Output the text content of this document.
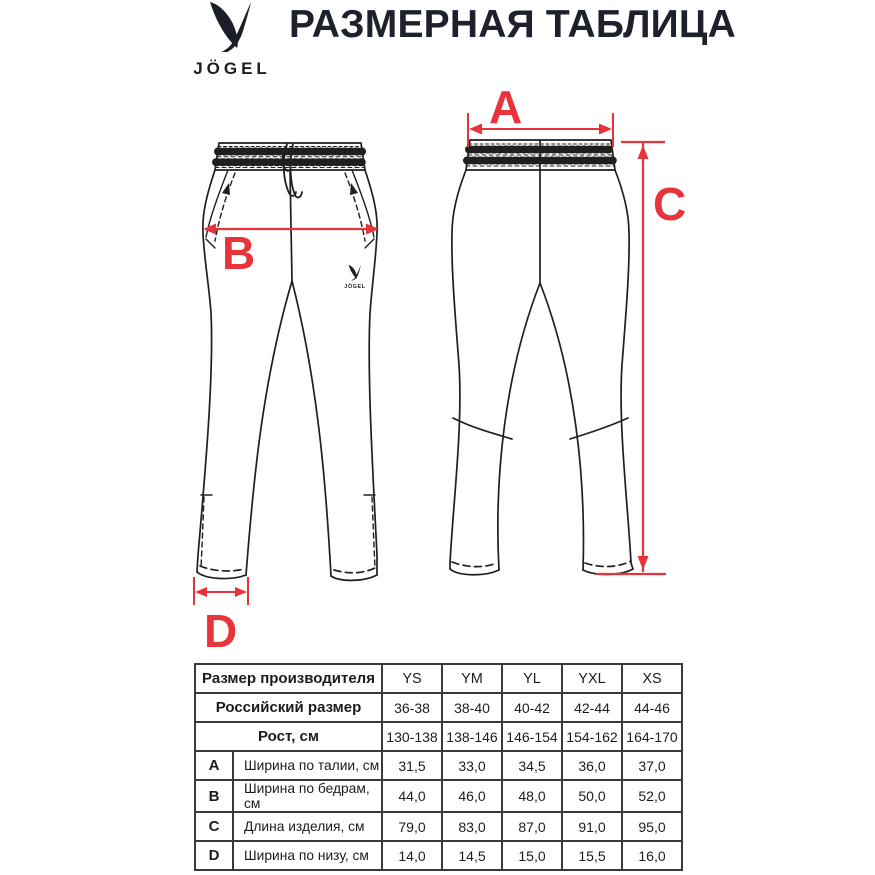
JÖGEL
РАЗМЕРНАЯ ТАБЛИЦА
JÖGEL
B
D
A
C
Размер производителя		YS	YM	YL	YXL	XS
Российский размер		36-38	38-40	40-42	42-44	44-46
Рост, см		130-138	138-146	146-154	154-162	164-170
A	Ширина по талии, см	31,5	33,0	34,5	36,0	37,0
B	Ширина по бедрам, см	44,0	46,0	48,0	50,0	52,0
C	Длина изделия, см	79,0	83,0	87,0	91,0	95,0
D	Ширина по низу, см	14,0	14,5	15,0	15,5	16,0
